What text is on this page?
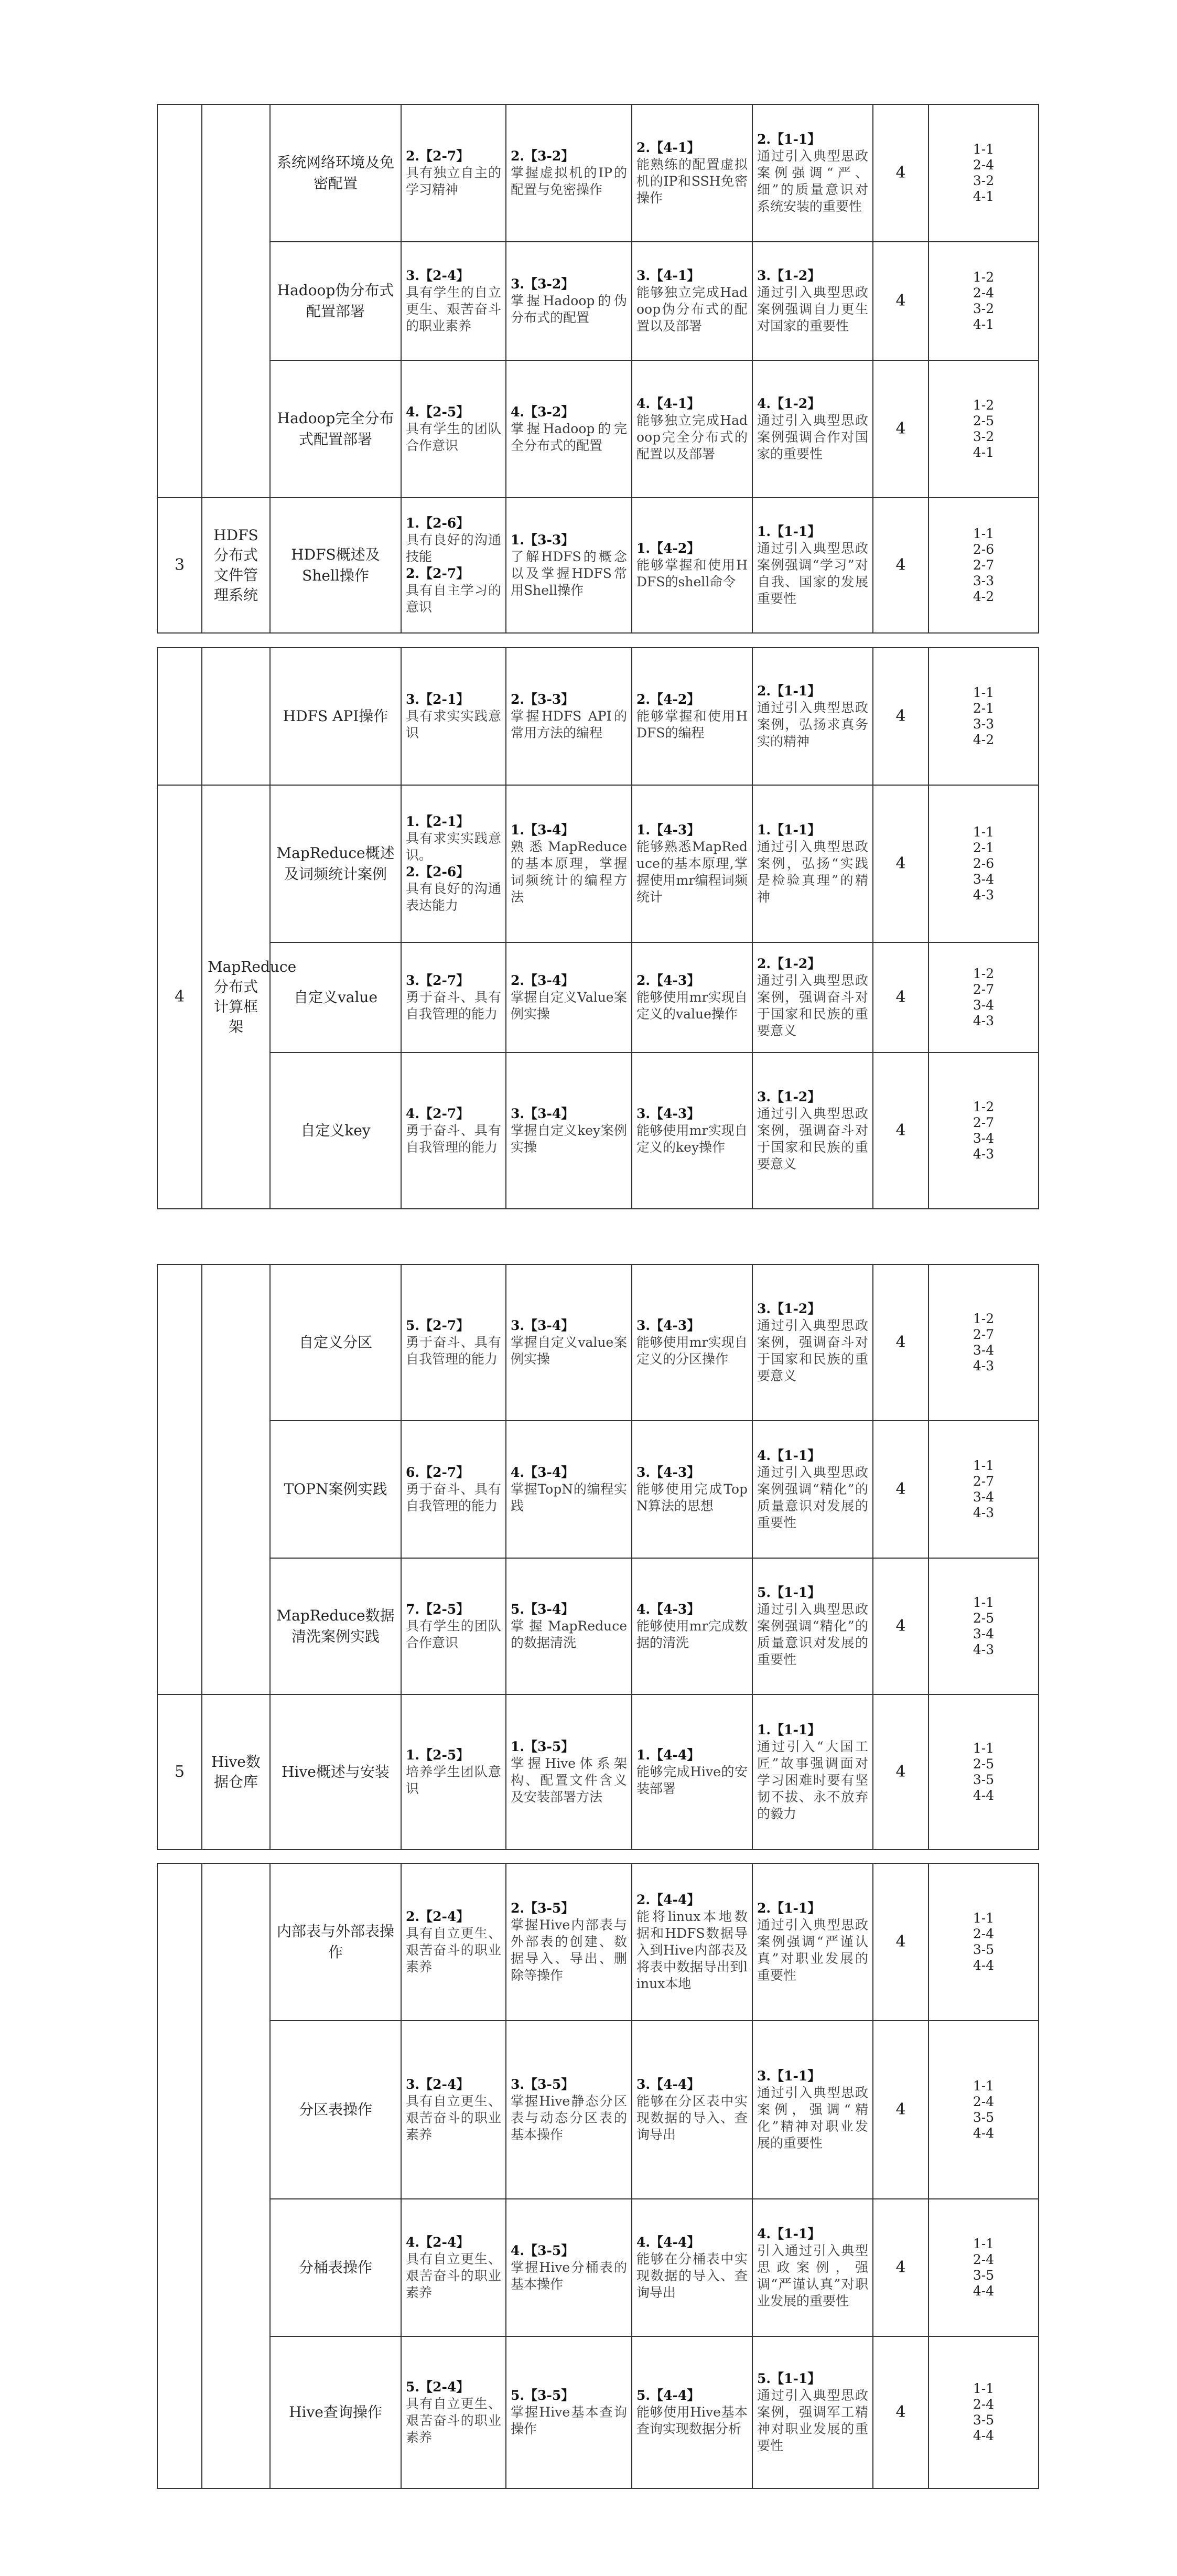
		系统网络环境及免密配置	2.【2-7】
具有独立自主的学习精神	2.【3-2】
掌握虚拟机的IP的配置与免密操作	2.【4-1】
能熟练的配置虚拟机的IP和SSH免密操作	2.【1-1】
通过引入典型思政案例强调“严、细”的质量意识对系统安装的重要性	4	1-1
2-4
3-2
4-1

		Hadoop伪分布式配置部署	3.【2-4】
具有学生的自立更生、艰苦奋斗的职业素养	3.【3-2】
掌握Hadoop的伪分布式的配置	3.【4-1】
能够独立完成Hadoop伪分布式的配置以及部署	3.【1-2】
通过引入典型思政案例强调自力更生对国家的重要性	4	1-2
2-4
3-2
4-1

		Hadoop完全分布式配置部署	4.【2-5】
具有学生的团队合作意识	4.【3-2】
掌握Hadoop的完全分布式的配置	4.【4-1】
能够独立完成Hadoop完全分布式的配置以及部署	4.【1-2】
通过引入典型思政案例强调合作对国家的重要性	4	1-2
2-5
3-2
4-1

3	HDFS分布式文件管理系统	HDFS概述及Shell操作	1.【2-6】
具有良好的沟通技能
2.【2-7】
具有自主学习的意识	1.【3-3】
了解HDFS的概念以及掌握HDFS常用Shell操作	1.【4-2】
能够掌握和使用HDFS的shell命令	1.【1-1】
通过引入典型思政案例强调“学习”对自我、国家的发展重要性	4	1-1
2-6
2-7
3-3
4-2
		HDFS API操作	3.【2-1】
具有求实实践意识	2.【3-3】
掌握HDFS API的常用方法的编程	2.【4-2】
能够掌握和使用HDFS的编程	2.【1-1】
通过引入典型思政案例，弘扬求真务实的精神	4	1-1
2-1
3-3
4-2

4	MapReduce分布式计算框架	MapReduce概述及词频统计案例	1.【2-1】
具有求实实践意识。
2.【2-6】
具有良好的沟通表达能力	1.【3-4】
熟悉MapReduce的基本原理，掌握词频统计的编程方法	1.【4-3】
能够熟悉MapReduce的基本原理,掌握使用mr编程词频统计	1.【1-1】
通过引入典型思政案例，弘扬“实践是检验真理”的精神	4	1-1
2-1
2-6
3-4
4-3

		自定义value	3.【2-7】
勇于奋斗、具有自我管理的能力	2.【3-4】
掌握自定义Value案例实操	2.【4-3】
能够使用mr实现自定义的value操作	2.【1-2】
通过引入典型思政案例，强调奋斗对于国家和民族的重要意义	4	1-2
2-7
3-4
4-3

		自定义key	4.【2-7】
勇于奋斗、具有自我管理的能力	3.【3-4】
掌握自定义key案例实操	3.【4-3】
能够使用mr实现自定义的key操作	3.【1-2】
通过引入典型思政案例，强调奋斗对于国家和民族的重要意义	4	1-2
2-7
3-4
4-3
		自定义分区	5.【2-7】
勇于奋斗、具有自我管理的能力	3.【3-4】
掌握自定义value案例实操	3.【4-3】
能够使用mr实现自定义的分区操作	3.【1-2】
通过引入典型思政案例，强调奋斗对于国家和民族的重要意义	4	1-2
2-7
3-4
4-3

		TOPN案例实践	6.【2-7】
勇于奋斗、具有自我管理的能力	4.【3-4】
掌握TopN的编程实践	3.【4-3】
能够使用完成TopN算法的思想	4.【1-1】
通过引入典型思政案例强调“精化”的质量意识对发展的重要性	4	1-1
2-7
3-4
4-3

		MapReduce数据清洗案例实践	7.【2-5】
具有学生的团队合作意识	5.【3-4】
掌握MapReduce的数据清洗	4.【4-3】
能够使用mr完成数据的清洗	5.【1-1】
通过引入典型思政案例强调“精化”的质量意识对发展的重要性	4	1-1
2-5
3-4
4-3

5	Hive数据仓库	Hive概述与安装	1.【2-5】
培养学生团队意识	1.【3-5】
掌握Hive体系架构、配置文件含义及安装部署方法	1.【4-4】
能够完成Hive的安装部署	1.【1-1】
通过引入“大国工匠”故事强调面对学习困难时要有坚韧不拔、永不放弃的毅力	4	1-1
2-5
3-5
4-4
		内部表与外部表操作	2.【2-4】
具有自立更生、艰苦奋斗的职业素养	2.【3-5】
掌握Hive内部表与外部表的创建、数据导入、导出、删除等操作	2.【4-4】
能将linux本地数据和HDFS数据导入到Hive内部表及将表中数据导出到linux本地	2.【1-1】
通过引入典型思政案例强调“严谨认真”对职业发展的重要性	4	1-1
2-4
3-5
4-4

		分区表操作	3.【2-4】
具有自立更生、艰苦奋斗的职业素养	3.【3-5】
掌握Hive静态分区表与动态分区表的基本操作	3.【4-4】
能够在分区表中实现数据的导入、查询导出	3.【1-1】
通过引入典型思政案例，强调“精化”精神对职业发展的重要性	4	1-1
2-4
3-5
4-4

		分桶表操作	4.【2-4】
具有自立更生、艰苦奋斗的职业素养	4.【3-5】
掌握Hive分桶表的基本操作	4.【4-4】
能够在分桶表中实现数据的导入、查询导出	4.【1-1】
引入通过引入典型思政案例，强调“严谨认真”对职业发展的重要性	4	1-1
2-4
3-5
4-4

		Hive查询操作	5.【2-4】
具有自立更生、艰苦奋斗的职业素养	5.【3-5】
掌握Hive基本查询操作	5.【4-4】
能够使用Hive基本查询实现数据分析	5.【1-1】
通过引入典型思政案例，强调军工精神对职业发展的重要性	4	1-1
2-4
3-5
4-4
